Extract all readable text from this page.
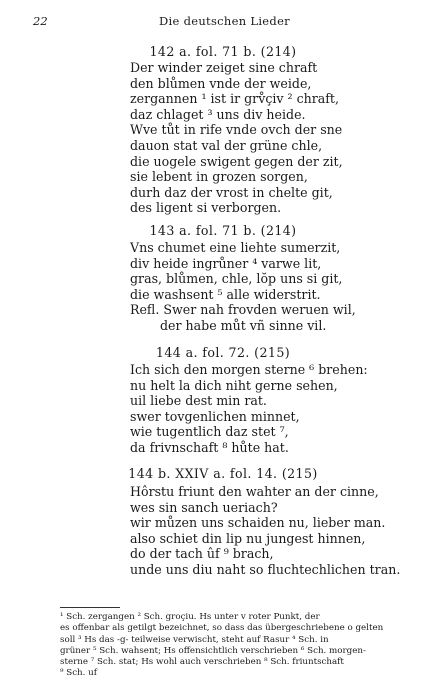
22	Die deutschen Lieder
142 a. fol. 71 b. (214)
Der winder zeiget sine chraft
den blůmen vnde der weide,
zergannen ¹ ist ir grv̊çiv ² chraft,
daz chlaget ³ uns div heide.
Wve tůt in rife vnde ovch der sne
dauon stat val der grüne chle,
die uogele swigent gegen der zit,
sie lebent in grozen sorgen,
durh daz der vrost in chelte git,
des ligent si verborgen.
143 a. fol. 71 b. (214)
Vns chumet eine liehte sumerzit,
div heide ingrůner ⁴ varwe lit,
gras, blůmen, chle, lŏp uns si git,
die washsent ⁵ alle widerstrit.
Refl. Swer nah frovden weruen wil,
der habe můt vñ sinne vil.
144 a. fol. 72. (215)
Ich sich den morgen sterne ⁶ brehen:
nu helt la dich niht gerne sehen,
uil liebe dest min rat.
swer tovgenlichen minnet,
wie tugentlich daz stet ⁷,
da frivnschaft ⁸ hůte hat.
144 b. XXIV a. fol. 14. (215)
Hôrstu friunt den wahter an der cinne,
wes sin sanch ueriach?
wir můzen uns schaiden nu, lieber man.
also schiet din lip nu jungest hinnen,
do der tach ûf ⁹ brach,
unde uns diu naht so fluchtechlichen tran.
¹ Sch. zergangen ² Sch. groçiu. Hs unter v roter Punkt, der
es offenbar als getilgt bezeichnet, so dass das übergeschriebene o gelten
soll ³ Hs das -g- teilweise verwischt, steht auf Rasur ⁴ Sch. in
grüner ⁵ Sch. wahsent; Hs offensichtlich verschrieben ⁶ Sch. morgen-
sterne ⁷ Sch. stat; Hs wohl auch verschrieben ⁸ Sch. friuntschaft
⁹ Sch. uf
